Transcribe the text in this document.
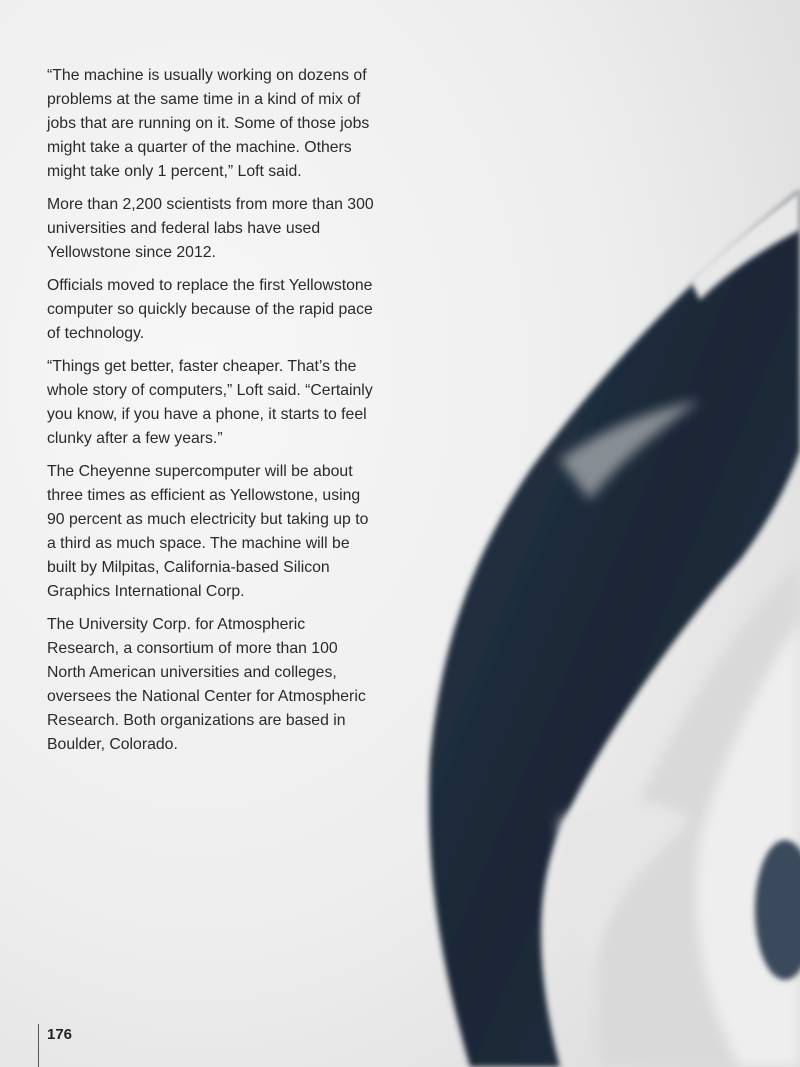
“The machine is usually working on dozens of problems at the same time in a kind of mix of jobs that are running on it. Some of those jobs might take a quarter of the machine. Others might take only 1 percent,” Loft said.

More than 2,200 scientists from more than 300 universities and federal labs have used Yellowstone since 2012.

Officials moved to replace the first Yellowstone computer so quickly because of the rapid pace of technology.

“Things get better, faster cheaper. That’s the whole story of computers,” Loft said. “Certainly you know, if you have a phone, it starts to feel clunky after a few years.”

The Cheyenne supercomputer will be about three times as efficient as Yellowstone, using 90 percent as much electricity but taking up to a third as much space. The machine will be built by Milpitas, California-based Silicon Graphics International Corp.

The University Corp. for Atmospheric Research, a consortium of more than 100 North American universities and colleges, oversees the National Center for Atmospheric Research. Both organizations are based in Boulder, Colorado.

176
